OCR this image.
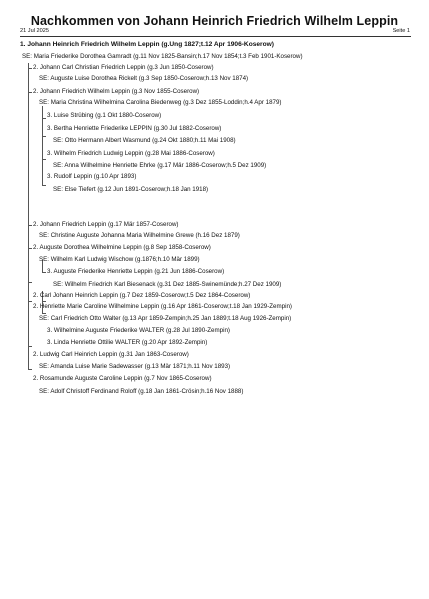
Nachkommen von Johann Heinrich Friedrich Wilhelm Leppin
21 Jul 2025	Seite 1
1. Johann Heinrich Friedrich Wilhelm Leppin (g.Ung 1827;t.12 Apr 1906-Koserow)
SE: Maria Friederike Dorothea Gamradt (g.11 Nov 1825-Bansin;h.17 Nov 1854;t.3 Feb 1901-Koserow)
2. Johann Carl Christian Friedrich Leppin (g.3 Jun 1850-Coserow)
SE: Auguste Luise Dorothea Rickelt (g.3 Sep 1850-Coserow;h.13 Nov 1874)
2. Johann Friedrich Wilhelm Leppin (g.3 Nov 1855-Coserow)
SE: Maria Christina Wilhelmina Carolina Biedenweg (g.3 Dez 1855-Loddin;h.4 Apr 1879)
3. Luise Strübing (g.1 Okt 1880-Coserow)
3. Bertha Henriette Friederike LEPPIN (g.30 Jul 1882-Coserow)
SE: Otto Hermann Albert Wasmund (g.24 Okt 1880;h.11 Mai 1908)
3. Wilhelm Friedrich Ludwig Leppin (g.28 Mai 1886-Coserow)
SE: Anna Wilhelmine Henriette Ehrke (g.17 Mär 1886-Coserow;h.5 Dez 1909)
3. Rudolf Leppin (g.10 Apr 1893)
SE: Else Tiefert (g.12 Jun 1891-Coserow;h.18 Jan 1918)
2. Johann Friedrich Leppin (g.17 Mär 1857-Coserow)
SE: Christine Auguste Johanna Maria Wilhelmine Grewe (h.16 Dez 1879)
2. Auguste Dorothea Wilhelmine Leppin (g.8 Sep 1858-Coserow)
SE: Wilhelm Karl Ludwig Wischow (g.1876;h.10 Mär 1899)
3. Auguste Friederike Henriette Leppin (g.21 Jun 1886-Coserow)
SE: Wilhelm Friedrich Karl Biesenack (g.31 Dez 1885-Swinemünde;h.27 Dez 1909)
2. Carl Johann Heinrich Leppin (g.7 Dez 1859-Coserow;t.5 Dez 1864-Coserow)
2. Henriette Marie Caroline Wilhelmine Leppin (g.16 Apr 1861-Coserow;t.18 Jan 1929-Zempin)
SE: Carl Friedrich Otto Walter (g.13 Apr 1859-Zempin;h.25 Jan 1889;t.18 Aug 1926-Zempin)
3. Wilhelmine Auguste Friederike WALTER (g.28 Jul 1890-Zempin)
3. Linda Henriette Ottilie WALTER (g.20 Apr 1892-Zempin)
2. Ludwig Carl Heinrich Leppin (g.31 Jan 1863-Coserow)
SE: Amanda Luise Marie Sadewasser (g.13 Mär 1871;h.11 Nov 1893)
2. Rosamunde Auguste Caroline Leppin (g.7 Nov 1865-Coserow)
SE: Adolf Christoff Ferdinand Roloff (g.18 Jan 1861-Crösin;h.16 Nov 1888)
